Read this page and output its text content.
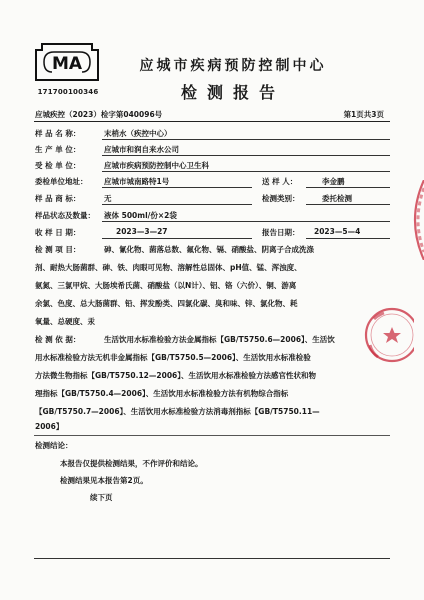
MA
171700100346
应城市疾病预防控制中心
检测报告
应城疾控（2023）检字第040096号	第1页共3页
样 品 名 称：	末梢水（疾控中心）
生 产 单 位：	应城市和润自来水公司
受 检 单 位：	应城市疾病预防控制中心卫生科
委检单位地址： 应城市城南路特1号	送 样 人：	李金鹏
样 品 商 标：	无	检测类别：	委托检测
样品状态及数量： 液体 500ml/份×2袋
收 样 日 期：	2023—3—27	报告日期： 2023—5—4
检 测 项 目：	砷、氰化物、菌落总数、氟化物、镉、硝酸盐、阴离子合成洗涤
剂、耐热大肠菌群、砷、铁、肉眼可见物、溶解性总固体、pH值、锰、浑浊度、
氨氮、三氯甲烷、大肠埃希氏菌、硝酸盐（以N计）、铝、铬（六价）、铜、游离
余氯、色度、总大肠菌群、铅、挥发酚类、四氯化碳、臭和味、锌、氯化物、耗
氧量、总硬度、汞
检 测 依 据：	生活饮用水标准检验方法金属指标【GB/T5750.6—2006】、生活饮
用水标准检验方法无机非金属指标【GB/T5750.5—2006】、生活饮用水标准检验
方法微生物指标【GB/T5750.12—2006】、生活饮用水标准检验方法感官性状和物
理指标【GB/T5750.4—2006】、生活饮用水标准检验方法有机物综合指标
【GB/T5750.7—2006】、生活饮用水标准检验方法消毒剂指标【GB/T5750.11—
2006】
检测结论：
本报告仅提供检测结果，不作评价和结论。
检测结果见本报告第2页。
续下页
